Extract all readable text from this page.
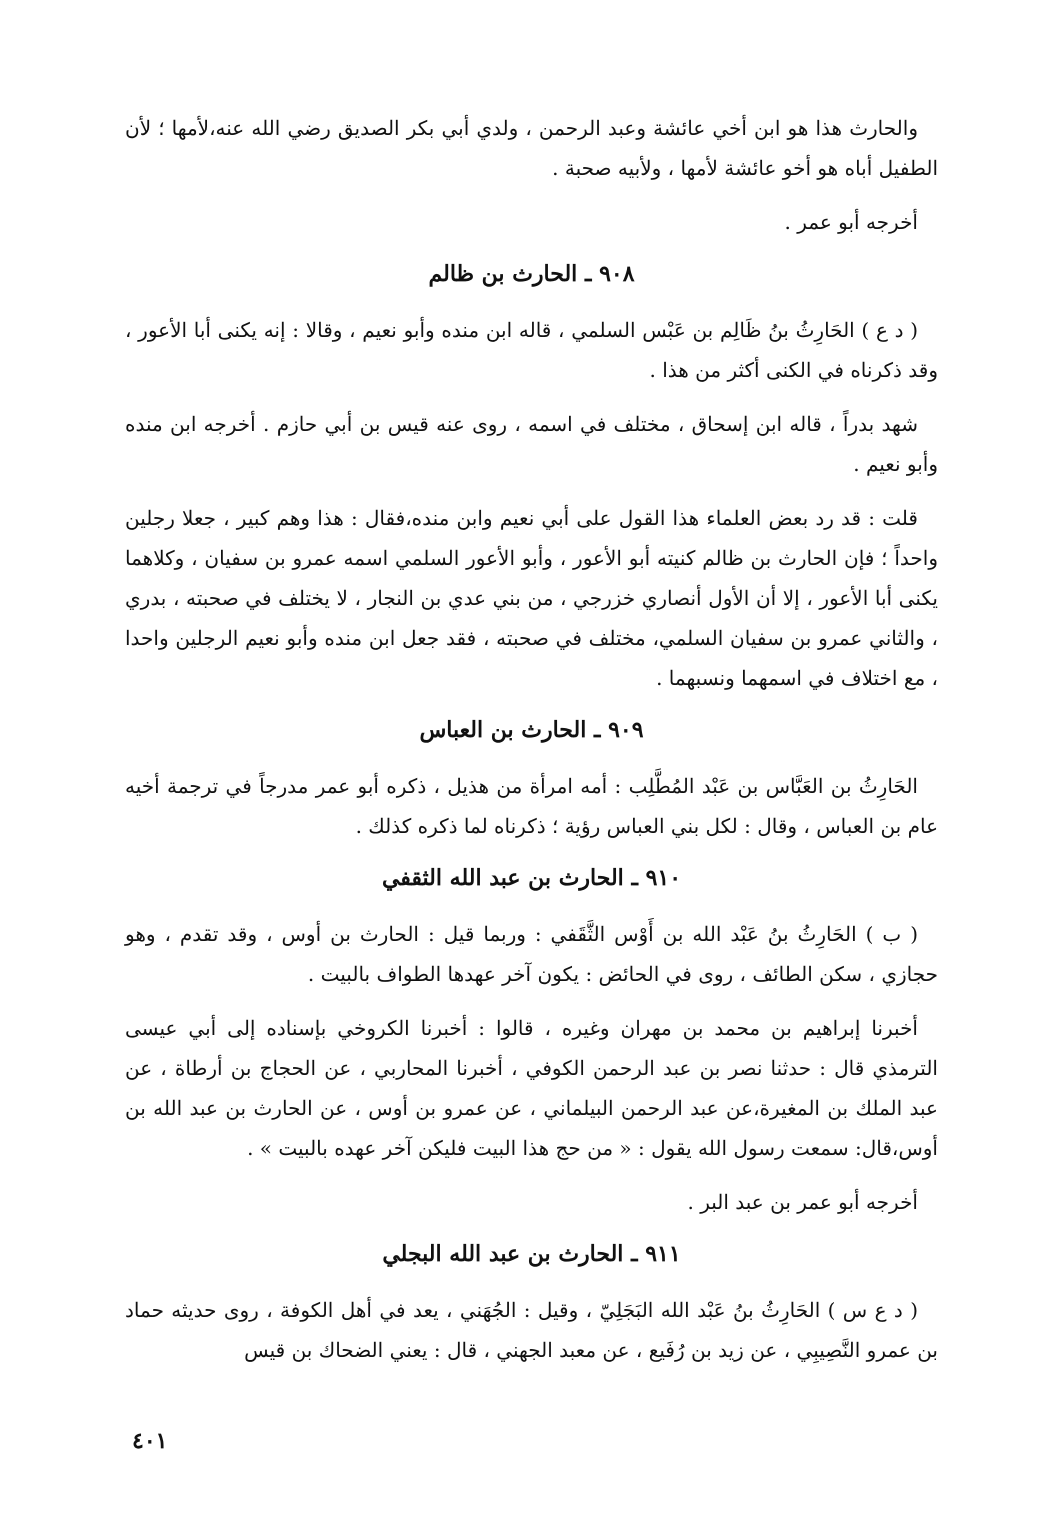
والحارث هذا هو ابن أخي عائشة وعبد الرحمن ، ولدي أبي بكر الصديق رضي الله عنه،لأمها ؛ لأن الطفيل أباه هو أخو عائشة لأمها ، ولأبيه صحبة .

أخرجه أبو عمر .

٩٠٨ ـ الحارث بن ظالم

( د ع ) الحَارِثُ بنُ ظَالِم بن عَبْس السلمي ، قاله ابن منده وأبو نعيم ، وقالا : إنه يكنى أبا الأعور ، وقد ذكرناه في الكنى أكثر من هذا .

شهد بدراً ، قاله ابن إسحاق ، مختلف في اسمه ، روى عنه قيس بن أبي حازم . أخرجه ابن منده وأبو نعيم .

قلت : قد رد بعض العلماء هذا القول على أبي نعيم وابن منده،فقال : هذا وهم كبير ، جعلا رجلين واحداً ؛ فإن الحارث بن ظالم كنيته أبو الأعور ، وأبو الأعور السلمي اسمه عمرو بن سفيان ، وكلاهما يكنى أبا الأعور ، إلا أن الأول أنصاري خزرجي ، من بني عدي بن النجار ، لا يختلف في صحبته ، بدري ، والثاني عمرو بن سفيان السلمي، مختلف في صحبته ، فقد جعل ابن منده وأبو نعيم الرجلين واحدا ، مع اختلاف في اسمهما ونسبهما .

٩٠٩ ـ الحارث بن العباس

الحَارِثُ بن العَبَّاس بن عَبْد المُطَّلِب : أمه امرأة من هذيل ، ذكره أبو عمر مدرجاً في ترجمة أخيه عام بن العباس ، وقال : لكل بني العباس رؤية ؛ ذكرناه لما ذكره كذلك .

٩١٠ ـ الحارث بن عبد الله الثقفي

( ب ) الحَارِثُ بنُ عَبْد الله بن أَوْس الثَّقَفي : وربما قيل : الحارث بن أوس ، وقد تقدم ، وهو حجازي ، سكن الطائف ، روى في الحائض : يكون آخر عهدها الطواف بالبيت .

أخبرنا إبراهيم بن محمد بن مهران وغيره ، قالوا : أخبرنا الكروخي بإسناده إلى أبي عيسى الترمذي قال : حدثنا نصر بن عبد الرحمن الكوفي ، أخبرنا المحاربي ، عن الحجاج بن أرطاة ، عن عبد الملك بن المغيرة،عن عبد الرحمن البيلماني ، عن عمرو بن أوس ، عن الحارث بن عبد الله بن أوس،قال: سمعت رسول الله يقول : « من حج هذا البيت فليكن آخر عهده بالبيت » .

أخرجه أبو عمر بن عبد البر .

٩١١ ـ الحارث بن عبد الله البجلي

( د ع س ) الحَارِثُ بنُ عَبْد الله البَجَلِيّ ، وقيل : الجُهَني ، يعد في أهل الكوفة ، روى حديثه حماد بن عمرو النَّصِيبِي ، عن زيد بن رُفَيع ، عن معبد الجهني ، قال : يعني الضحاك بن قيس

٤٠١
